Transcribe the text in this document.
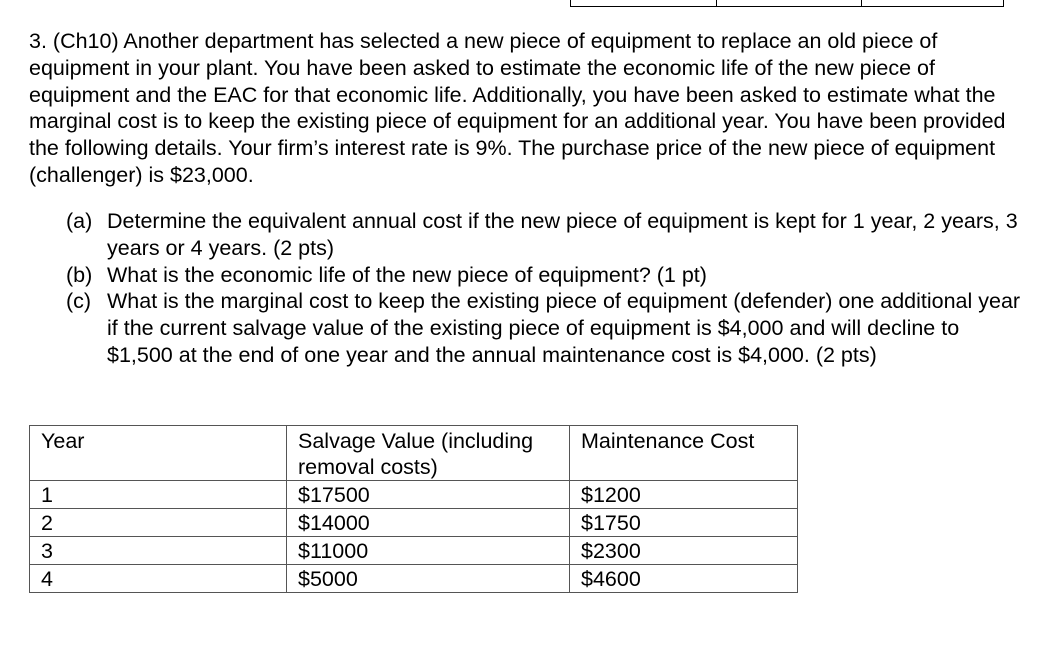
3. (Ch10) Another department has selected a new piece of equipment to replace an old piece of equipment in your plant. You have been asked to estimate the economic life of the new piece of equipment and the EAC for that economic life. Additionally, you have been asked to estimate what the marginal cost is to keep the existing piece of equipment for an additional year. You have been provided the following details. Your firm’s interest rate is 9%. The purchase price of the new piece of equipment (challenger) is $23,000.

(a) Determine the equivalent annual cost if the new piece of equipment is kept for 1 year, 2 years, 3 years or 4 years. (2 pts)
(b) What is the economic life of the new piece of equipment? (1 pt)
(c) What is the marginal cost to keep the existing piece of equipment (defender) one additional year if the current salvage value of the existing piece of equipment is $4,000 and will decline to $1,500 at the end of one year and the annual maintenance cost is $4,000. (2 pts)
Year	Salvage Value (including removal costs)	Maintenance Cost
1	$17500	$1200
2	$14000	$1750
3	$11000	$2300
4	$5000	$4600
